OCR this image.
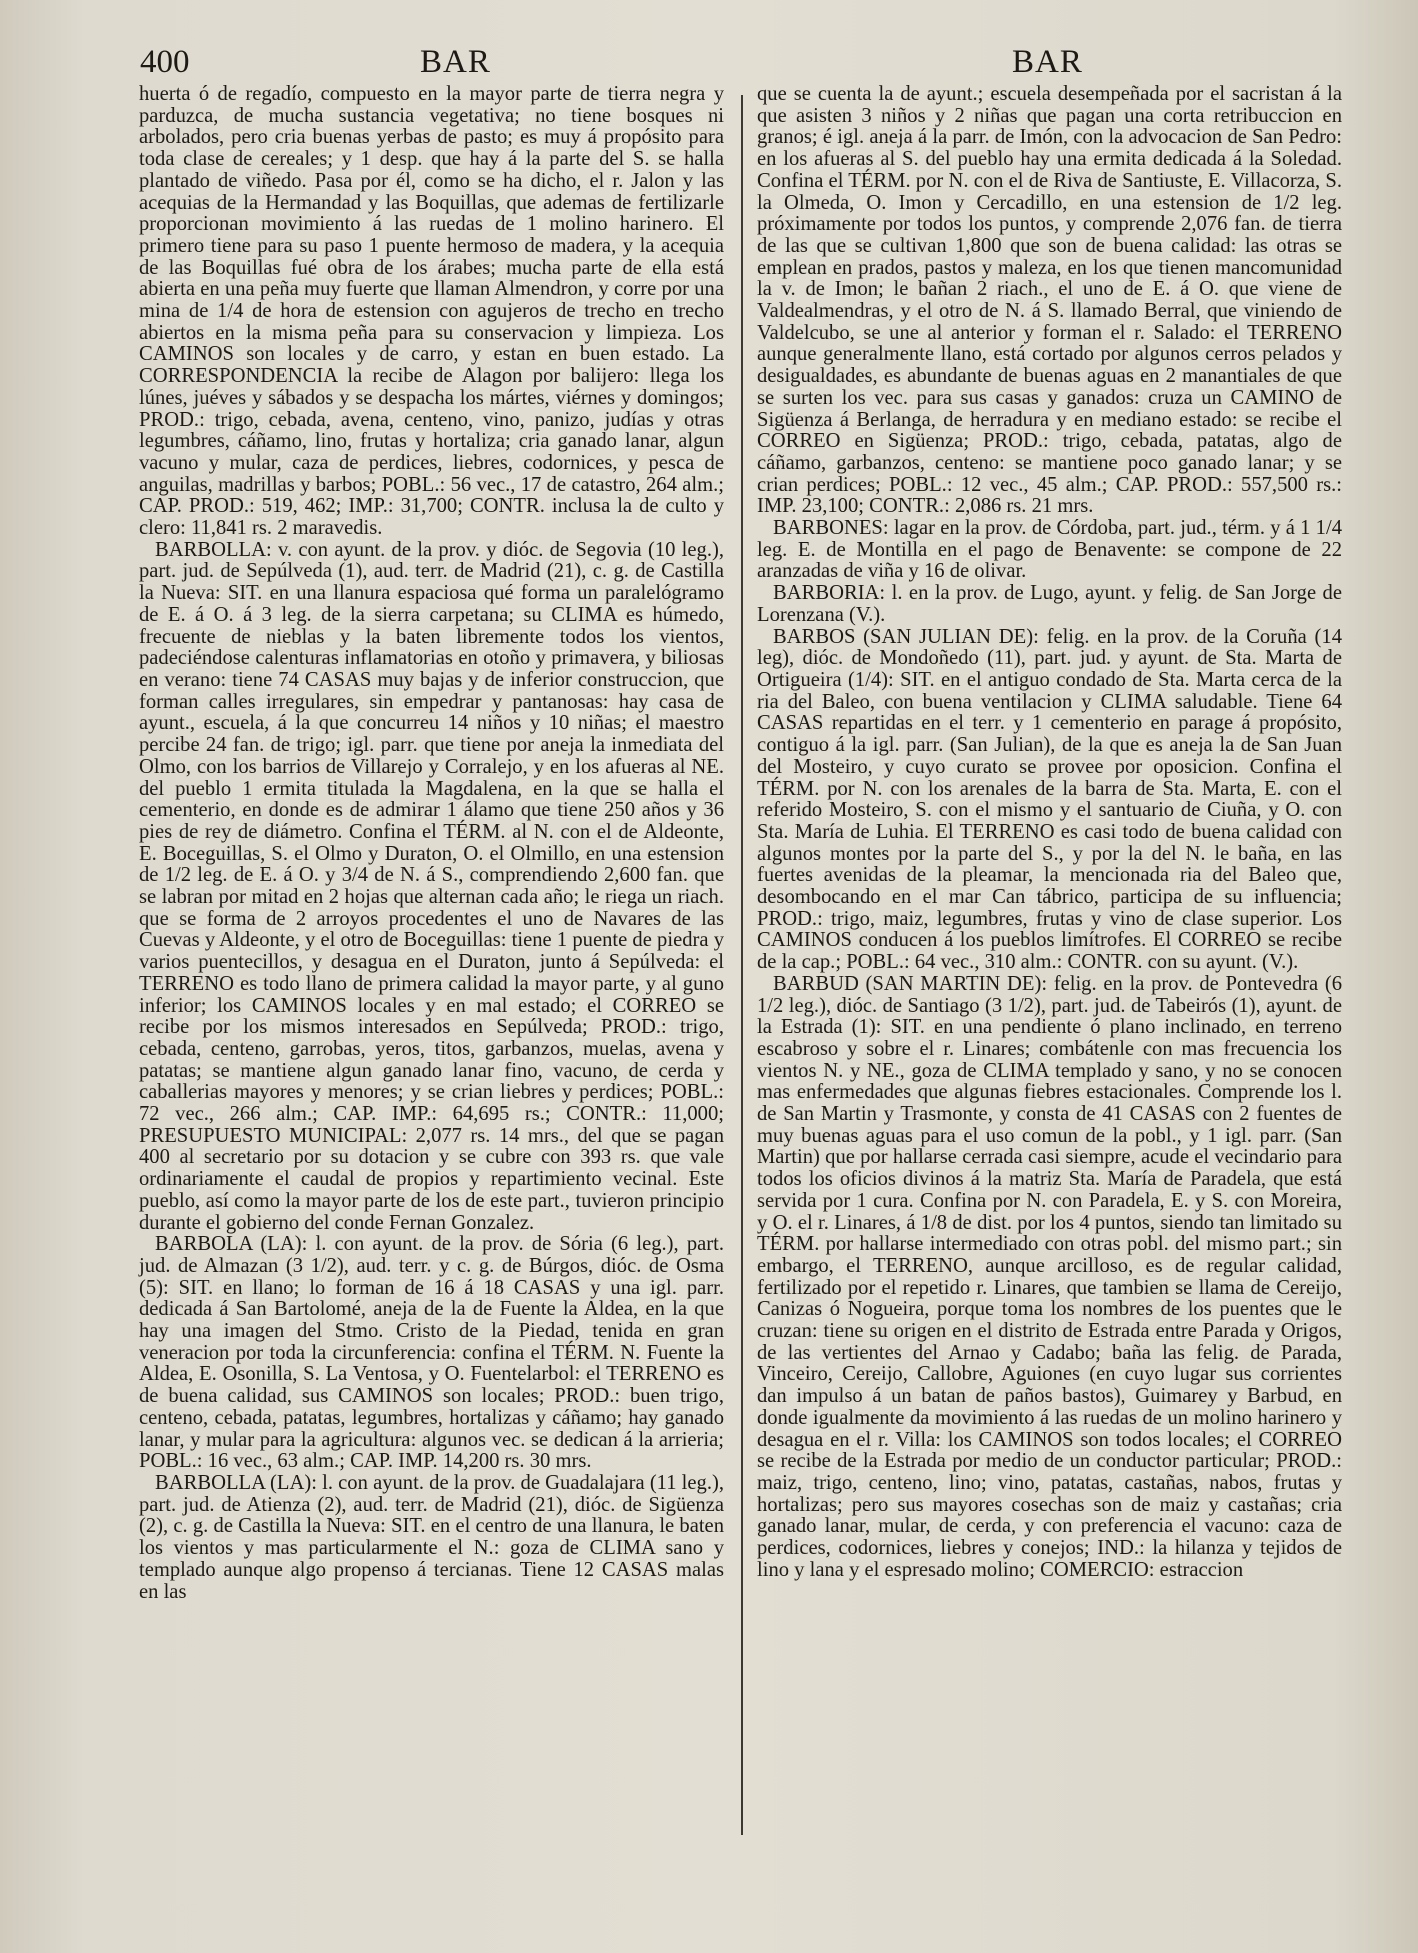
400	BAR	BAR

huerta ó de regadío, compuesto en la mayor parte de tierra negra y parduzca, de mucha sustancia vegetativa; no tiene bosques ni arbolados, pero cria buenas yerbas de pasto; es muy á propósito para toda clase de cereales; y 1 desp. que hay á la parte del S. se halla plantado de viñedo. Pasa por él, como se ha dicho, el r. Jalon y las acequias de la Hermandad y las Boquillas, que ademas de fertilizarle proporcionan movimiento á las ruedas de 1 molino harinero. El primero tiene para su paso 1 puente hermoso de madera, y la acequia de las Boquillas fué obra de los árabes; mucha parte de ella está abierta en una peña muy fuerte que llaman Almendron, y corre por una mina de 1/4 de hora de estension con agujeros de trecho en trecho abiertos en la misma peña para su conservacion y limpieza. Los CAMINOS son locales y de carro, y estan en buen estado. La CORRESPONDENCIA la recibe de Alagon por balijero: llega los lúnes, juéves y sábados y se despacha los mártes, viérnes y domingos; PROD.: trigo, cebada, avena, centeno, vino, panizo, judías y otras legumbres, cáñamo, lino, frutas y hortaliza; cria ganado lanar, algun vacuno y mular, caza de perdices, liebres, codornices, y pesca de anguilas, madrillas y barbos; POBL.: 56 vec., 17 de catastro, 264 alm.; CAP. PROD.: 519, 462; IMP.: 31,700; CONTR. inclusa la de culto y clero: 11,841 rs. 2 maravedis.

BARBOLLA: v. con ayunt. de la prov. y dióc. de Segovia (10 leg.), part. jud. de Sepúlveda (1), aud. terr. de Madrid (21), c. g. de Castilla la Nueva: SIT. en una llanura espaciosa qué forma un paralelógramo de E. á O. á 3 leg. de la sierra carpetana; su CLIMA es húmedo, frecuente de nieblas y la baten libremente todos los vientos, padeciéndose calenturas inflamatorias en otoño y primavera, y biliosas en verano: tiene 74 CASAS muy bajas y de inferior construccion, que forman calles irregulares, sin empedrar y pantanosas: hay casa de ayunt., escuela, á la que concurreu 14 niños y 10 niñas; el maestro percibe 24 fan. de trigo; igl. parr. que tiene por aneja la inmediata del Olmo, con los barrios de Villarejo y Corralejo, y en los afueras al NE. del pueblo 1 ermita titulada la Magdalena, en la que se halla el cementerio, en donde es de admirar 1 álamo que tiene 250 años y 36 pies de rey de diámetro. Confina el TÉRM. al N. con el de Aldeonte, E. Boceguillas, S. el Olmo y Duraton, O. el Olmillo, en una estension de 1/2 leg. de E. á O. y 3/4 de N. á S., comprendiendo 2,600 fan. que se labran por mitad en 2 hojas que alternan cada año; le riega un riach. que se forma de 2 arroyos procedentes el uno de Navares de las Cuevas y Aldeonte, y el otro de Boceguillas: tiene 1 puente de piedra y varios puentecillos, y desagua en el Duraton, junto á Sepúlveda: el TERRENO es todo llano de primera calidad la mayor parte, y al guno inferior; los CAMINOS locales y en mal estado; el CORREO se recibe por los mismos interesados en Sepúlveda; PROD.: trigo, cebada, centeno, garrobas, yeros, titos, garbanzos, muelas, avena y patatas; se mantiene algun ganado lanar fino, vacuno, de cerda y caballerias mayores y menores; y se crian liebres y perdices; POBL.: 72 vec., 266 alm.; CAP. IMP.: 64,695 rs.; CONTR.: 11,000; PRESUPUESTO MUNICIPAL: 2,077 rs. 14 mrs., del que se pagan 400 al secretario por su dotacion y se cubre con 393 rs. que vale ordinariamente el caudal de propios y repartimiento vecinal. Este pueblo, así como la mayor parte de los de este part., tuvieron principio durante el gobierno del conde Fernan Gonzalez.

BARBOLA (LA): l. con ayunt. de la prov. de Sória (6 leg.), part. jud. de Almazan (3 1/2), aud. terr. y c. g. de Búrgos, dióc. de Osma (5): SIT. en llano; lo forman de 16 á 18 CASAS y una igl. parr. dedicada á San Bartolomé, aneja de la de Fuente la Aldea, en la que hay una imagen del Stmo. Cristo de la Piedad, tenida en gran veneracion por toda la circunferencia: confina el TÉRM. N. Fuente la Aldea, E. Osonilla, S. La Ventosa, y O. Fuentelarbol: el TERRENO es de buena calidad, sus CAMINOS son locales; PROD.: buen trigo, centeno, cebada, patatas, legumbres, hortalizas y cáñamo; hay ganado lanar, y mular para la agricultura: algunos vec. se dedican á la arrieria; POBL.: 16 vec., 63 alm.; CAP. IMP. 14,200 rs. 30 mrs.

BARBOLLA (LA): l. con ayunt. de la prov. de Guadalajara (11 leg.), part. jud. de Atienza (2), aud. terr. de Madrid (21), dióc. de Sigüenza (2), c. g. de Castilla la Nueva: SIT. en el centro de una llanura, le baten los vientos y mas particularmente el N.: goza de CLIMA sano y templado aunque algo propenso á tercianas. Tiene 12 CASAS malas en las

que se cuenta la de ayunt.; escuela desempeñada por el sacristan á la que asisten 3 niños y 2 niñas que pagan una corta retribuccion en granos; é igl. aneja á la parr. de Imón, con la advocacion de San Pedro: en los afueras al S. del pueblo hay una ermita dedicada á la Soledad. Confina el TÉRM. por N. con el de Riva de Santiuste, E. Villacorza, S. la Olmeda, O. Imon y Cercadillo, en una estension de 1/2 leg. próximamente por todos los puntos, y comprende 2,076 fan. de tierra de las que se cultivan 1,800 que son de buena calidad: las otras se emplean en prados, pastos y maleza, en los que tienen mancomunidad la v. de Imon; le bañan 2 riach., el uno de E. á O. que viene de Valdealmendras, y el otro de N. á S. llamado Berral, que viniendo de Valdelcubo, se une al anterior y forman el r. Salado: el TERRENO aunque generalmente llano, está cortado por algunos cerros pelados y desigualdades, es abundante de buenas aguas en 2 manantiales de que se surten los vec. para sus casas y ganados: cruza un CAMINO de Sigüenza á Berlanga, de herradura y en mediano estado: se recibe el CORREO en Sigüenza; PROD.: trigo, cebada, patatas, algo de cáñamo, garbanzos, centeno: se mantiene poco ganado lanar; y se crian perdices; POBL.: 12 vec., 45 alm.; CAP. PROD.: 557,500 rs.: IMP. 23,100; CONTR.: 2,086 rs. 21 mrs.

BARBONES: lagar en la prov. de Córdoba, part. jud., térm. y á 1 1/4 leg. E. de Montilla en el pago de Benavente: se compone de 22 aranzadas de viña y 16 de olivar.

BARBORIA: l. en la prov. de Lugo, ayunt. y felig. de San Jorge de Lorenzana (V.).

BARBOS (SAN JULIAN DE): felig. en la prov. de la Coruña (14 leg), dióc. de Mondoñedo (11), part. jud. y ayunt. de Sta. Marta de Ortigueira (1/4): SIT. en el antiguo condado de Sta. Marta cerca de la ria del Baleo, con buena ventilacion y CLIMA saludable. Tiene 64 CASAS repartidas en el terr. y 1 cementerio en parage á propósito, contiguo á la igl. parr. (San Julian), de la que es aneja la de San Juan del Mosteiro, y cuyo curato se provee por oposicion. Confina el TÉRM. por N. con los arenales de la barra de Sta. Marta, E. con el referido Mosteiro, S. con el mismo y el santuario de Ciuña, y O. con Sta. María de Luhia. El TERRENO es casi todo de buena calidad con algunos montes por la parte del S., y por la del N. le baña, en las fuertes avenidas de la pleamar, la mencionada ria del Baleo que, desombocando en el mar Can tábrico, participa de su influencia; PROD.: trigo, maiz, legumbres, frutas y vino de clase superior. Los CAMINOS conducen á los pueblos limítrofes. El CORREO se recibe de la cap.; POBL.: 64 vec., 310 alm.: CONTR. con su ayunt. (V.).

BARBUD (SAN MARTIN DE): felig. en la prov. de Pontevedra (6 1/2 leg.), dióc. de Santiago (3 1/2), part. jud. de Tabeirós (1), ayunt. de la Estrada (1): SIT. en una pendiente ó plano inclinado, en terreno escabroso y sobre el r. Linares; combátenle con mas frecuencia los vientos N. y NE., goza de CLIMA templado y sano, y no se conocen mas enfermedades que algunas fiebres estacionales. Comprende los l. de San Martin y Trasmonte, y consta de 41 CASAS con 2 fuentes de muy buenas aguas para el uso comun de la pobl., y 1 igl. parr. (San Martin) que por hallarse cerrada casi siempre, acude el vecindario para todos los oficios divinos á la matriz Sta. María de Paradela, que está servida por 1 cura. Confina por N. con Paradela, E. y S. con Moreira, y O. el r. Linares, á 1/8 de dist. por los 4 puntos, siendo tan limitado su TÉRM. por hallarse intermediado con otras pobl. del mismo part.; sin embargo, el TERRENO, aunque arcilloso, es de regular calidad, fertilizado por el repetido r. Linares, que tambien se llama de Cereijo, Canizas ó Nogueira, porque toma los nombres de los puentes que le cruzan: tiene su origen en el distrito de Estrada entre Parada y Origos, de las vertientes del Arnao y Cadabo; baña las felig. de Parada, Vinceiro, Cereijo, Callobre, Aguiones (en cuyo lugar sus corrientes dan impulso á un batan de paños bastos), Guimarey y Barbud, en donde igualmente da movimiento á las ruedas de un molino harinero y desagua en el r. Villa: los CAMINOS son todos locales; el CORREO se recibe de la Estrada por medio de un conductor particular; PROD.: maiz, trigo, centeno, lino; vino, patatas, castañas, nabos, frutas y hortalizas; pero sus mayores cosechas son de maiz y castañas; cria ganado lanar, mular, de cerda, y con preferencia el vacuno: caza de perdices, codornices, liebres y conejos; IND.: la hilanza y tejidos de lino y lana y el espresado molino; COMERCIO: estraccion
